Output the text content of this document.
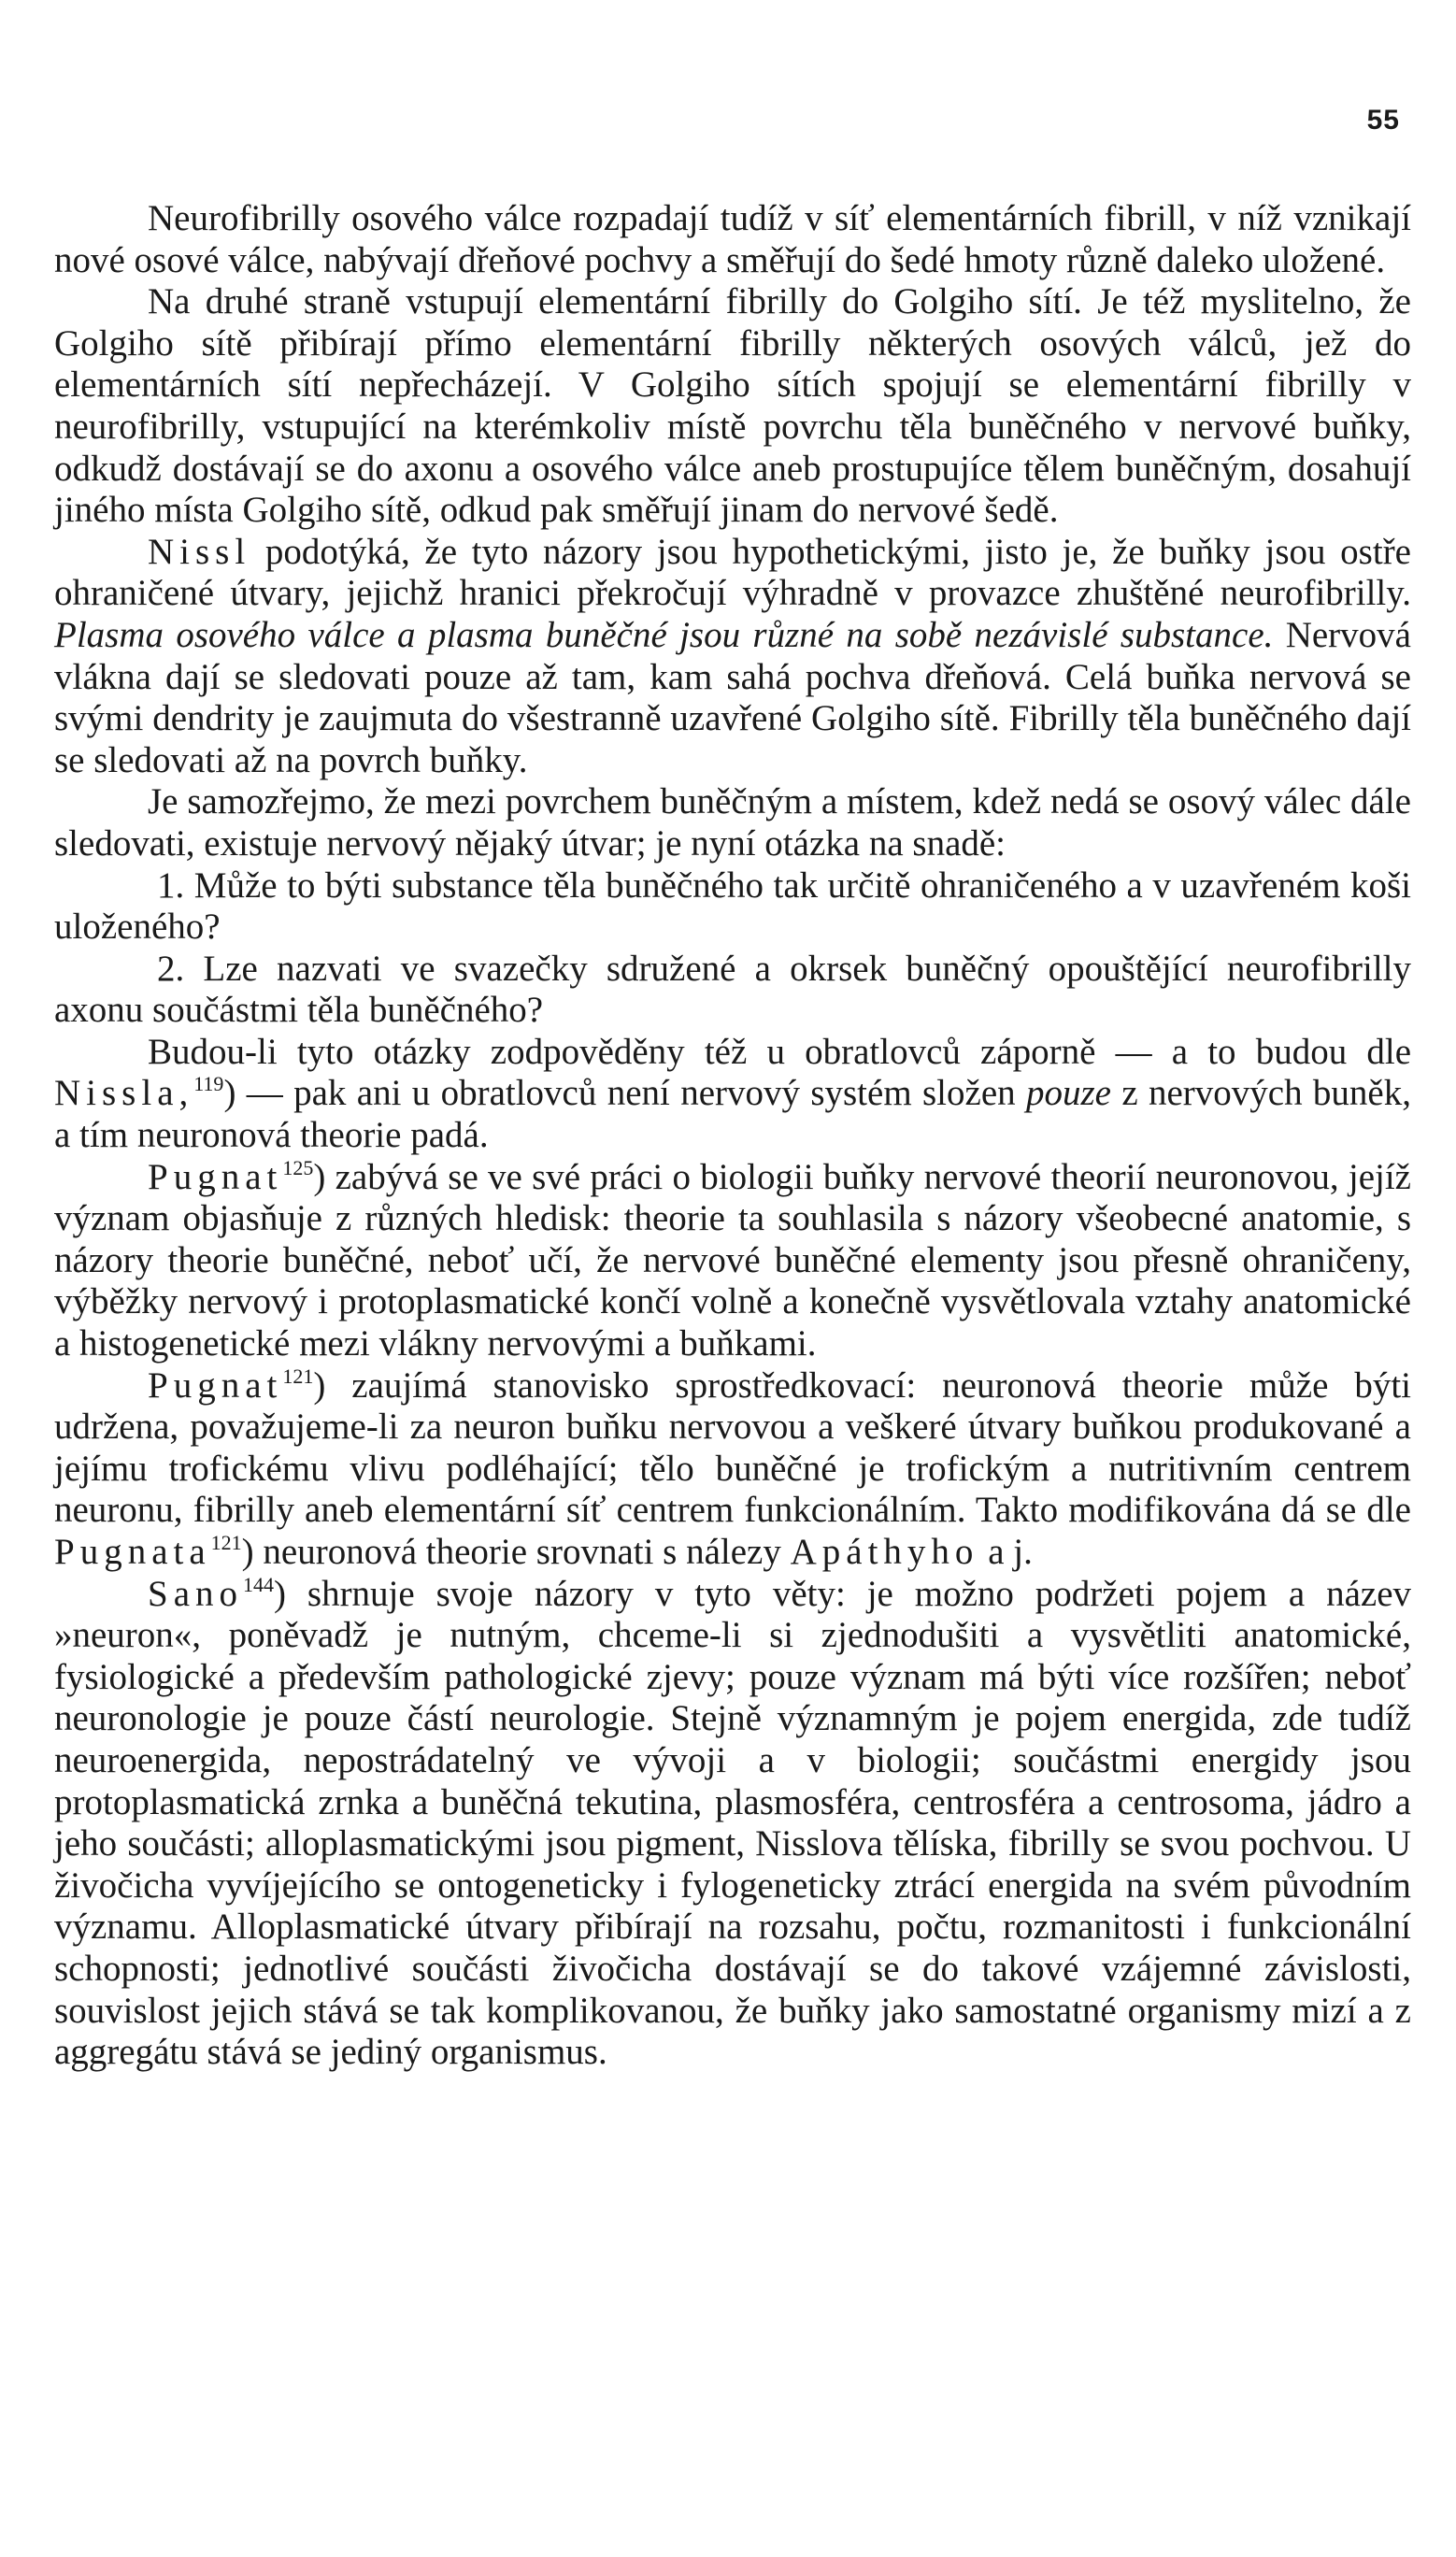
55

Neurofibrilly osového válce rozpadají tudíž v síť elementárních fibrill, v níž vznikají nové osové válce, nabývají dřeňové pochvy a směřují do šedé hmoty různě daleko uložené.

Na druhé straně vstupují elementární fibrilly do Golgiho sítí. Je též myslitelno, že Golgiho sítě přibírají přímo elementární fibrilly některých osových válců, jež do elementárních sítí nepřecházejí. V Golgiho sítích spojují se elementární fibrilly v neurofibrilly, vstupující na kterémkoliv místě povrchu těla buněčného v nervové buňky, odkudž dostávají se do axonu a osového válce aneb prostupujíce tělem buněčným, dosahují jiného místa Golgiho sítě, odkud pak směřují jinam do nervové šedě.

Nissl podotýká, že tyto názory jsou hypothetickými, jisto je, že buňky jsou ostře ohraničené útvary, jejichž hranici překročují výhradně v provazce zhuštěné neurofibrilly. Plasma osového válce a plasma buněčné jsou různé na sobě nezávislé substance. Nervová vlákna dají se sledovati pouze až tam, kam sahá pochva dřeňová. Celá buňka nervová se svými dendrity je zaujmuta do všestranně uzavřené Golgiho sítě. Fibrilly těla buněčného dají se sledovati až na povrch buňky.

Je samozřejmo, že mezi povrchem buněčným a místem, kdež nedá se osový válec dále sledovati, existuje nervový nějaký útvar; je nyní otázka na snadě:

1. Může to býti substance těla buněčného tak určitě ohraničeného a v uzavřeném koši uloženého?

2. Lze nazvati ve svazečky sdružené a okrsek buněčný opouštějící neurofibrilly axonu součástmi těla buněčného?

Budou-li tyto otázky zodpověděny též u obratlovců záporně — a to budou dle Nissla,$^{119}$) — pak ani u obratlovců není nervový systém složen pouze z nervových buněk, a tím neuronová theorie padá.

Pugnat$^{125}$) zabývá se ve své práci o biologii buňky nervové theorií neuronovou, jejíž význam objasňuje z různých hledisk: theorie ta souhlasila s názory všeobecné anatomie, s názory theorie buněčné, neboť učí, že nervové buněčné elementy jsou přesně ohraničeny, výběžky nervový i protoplasmatické končí volně a konečně vysvětlovala vztahy anatomické a histogenetické mezi vlákny nervovými a buňkami.

Pugnat$^{121}$) zaujímá stanovisko sprostředkovací: neuronová theorie může býti udržena, považujeme-li za neuron buňku nervovou a veškeré útvary buňkou produkované a jejímu trofickému vlivu podléhající; tělo buněčné je trofickým a nutritivním centrem neuronu, fibrilly aneb elementární síť centrem funkcionálním. Takto modifikována dá se dle Pugnata$^{121}$) neuronová theorie srovnati s nálezy Apáthyho a j.

Sano$^{144}$) shrnuje svoje názory v tyto věty: je možno podržeti pojem a název »neuron«, poněvadž je nutným, chceme-li si zjednodušiti a vysvětliti anatomické, fysiologické a především pathologické zjevy; pouze význam má býti více rozšířen; neboť neuronologie je pouze částí neurologie. Stejně významným je pojem energida, zde tudíž neuroenergida, nepostrádatelný ve vývoji a v biologii; součástmi energidy jsou protoplasmatická zrnka a buněčná tekutina, plasmosféra, centrosféra a centrosoma, jádro a jeho součásti; alloplasmatickými jsou pigment, Nisslova tělíska, fibrilly se svou pochvou. U živočicha vyvíjejícího se ontogeneticky i fylogeneticky ztrácí energida na svém původním významu. Alloplasmatické útvary přibírají na rozsahu, počtu, rozmanitosti i funkcionální schopnosti; jednotlivé součásti živočicha dostávají se do takové vzájemné závislosti, souvislost jejich stává se tak komplikovanou, že buňky jako samostatné organismy mizí a z aggregátu stává se jediný organismus.
